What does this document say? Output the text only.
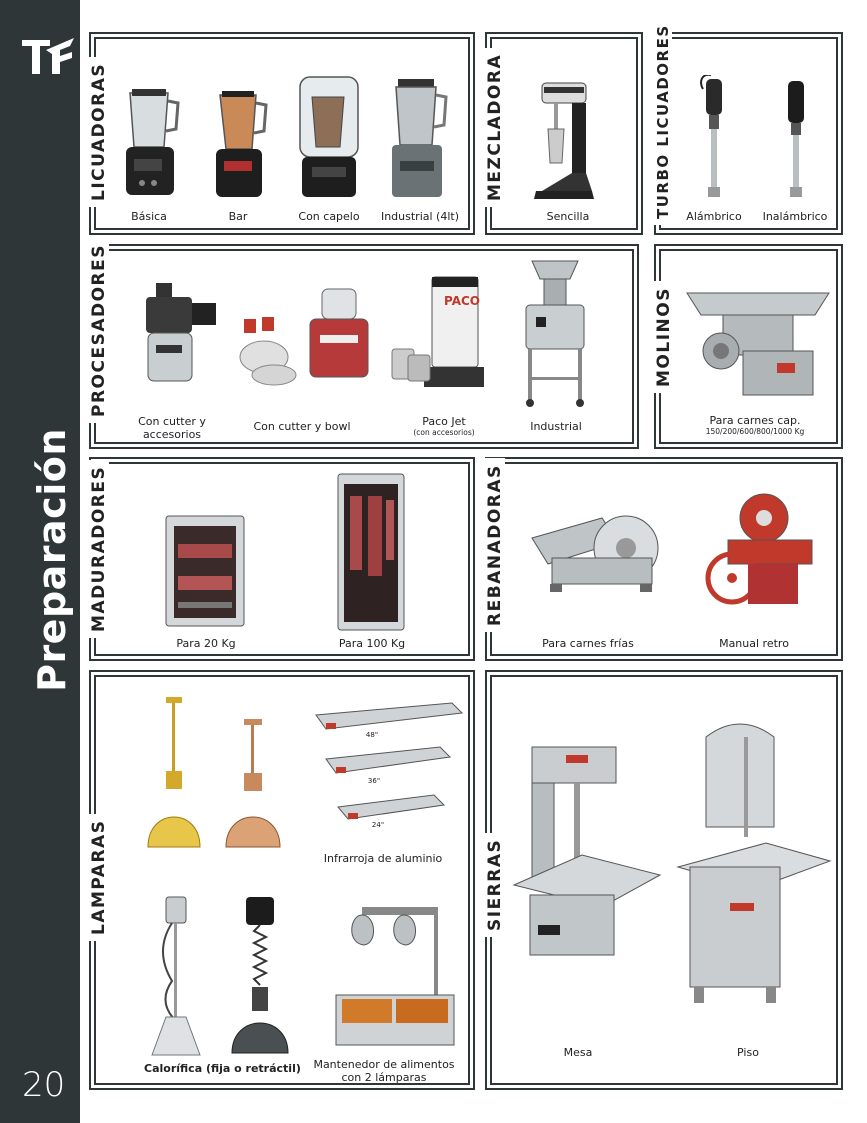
Preparación
20
LICUADORAS
Básica	Bar	Con capelo	Industrial (4lt)
MEZCLADORA
Sencilla	TURBO LICUADORES Alámbrico	Inalámbrico
PROCESADORES
Con cutter y accesorios
Con cutter y bowl
PACO
Paco Jet
(con accesorios)	Industrial
MOLINOS
Para carnes cap.
150/200/600/800/1000 Kg
MADURADORES
Para 20 Kg	Para 100 Kg
REBANADORAS
Para carnes frías	Manual retro
LAMPARAS
48"
36"
24"
Infrarroja de aluminio
Calorífica (fija o retráctil) Mantenedor de alimentos con 2 lámparas
SIERRAS
Mesa	Piso
